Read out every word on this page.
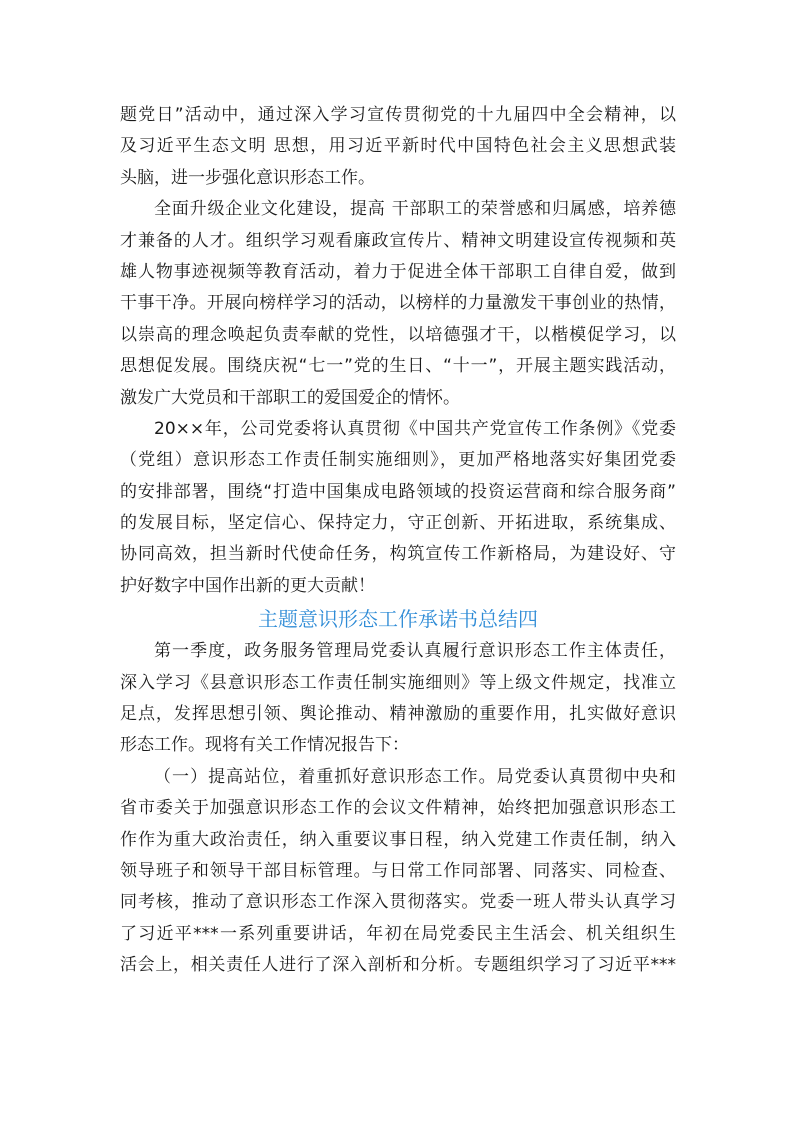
题党日”活动中，通过深入学习宣传贯彻党的十九届四中全会精神，以
及习近平生态文明 思想，用习近平新时代中国特色社会主义思想武装
头脑，进一步强化意识形态工作。
全面升级企业文化建设，提高 干部职工的荣誉感和归属感，培养德
才兼备的人才。组织学习观看廉政宣传片、精神文明建设宣传视频和英
雄人物事迹视频等教育活动，着力于促进全体干部职工自律自爱，做到
干事干净。开展向榜样学习的活动，以榜样的力量激发干事创业的热情，
以崇高的理念唤起负责奉献的党性，以培德强才干，以楷模促学习，以
思想促发展。围绕庆祝“七一”党的生日、“十一”，开展主题实践活动，
激发广大党员和干部职工的爱国爱企的情怀。
20××年，公司党委将认真贯彻《中国共产党宣传工作条例》《党委
（党组）意识形态工作责任制实施细则》，更加严格地落实好集团党委
的安排部署，围绕“打造中国集成电路领域的投资运营商和综合服务商”
的发展目标，坚定信心、保持定力，守正创新、开拓进取，系统集成、
协同高效，担当新时代使命任务，构筑宣传工作新格局，为建设好、守
护好数字中国作出新的更大贡献！
主题意识形态工作承诺书总结四
第一季度，政务服务管理局党委认真履行意识形态工作主体责任，
深入学习《县意识形态工作责任制实施细则》等上级文件规定，找准立
足点，发挥思想引领、舆论推动、精神激励的重要作用，扎实做好意识
形态工作。现将有关工作情况报告下：
（一）提高站位，着重抓好意识形态工作。局党委认真贯彻中央和
省市委关于加强意识形态工作的会议文件精神，始终把加强意识形态工
作作为重大政治责任，纳入重要议事日程，纳入党建工作责任制，纳入
领导班子和领导干部目标管理。与日常工作同部署、同落实、同检查、
同考核，推动了意识形态工作深入贯彻落实。党委一班人带头认真学习
了习近平***一系列重要讲话，年初在局党委民主生活会、机关组织生
活会上，相关责任人进行了深入剖析和分析。专题组织学习了习近平***
